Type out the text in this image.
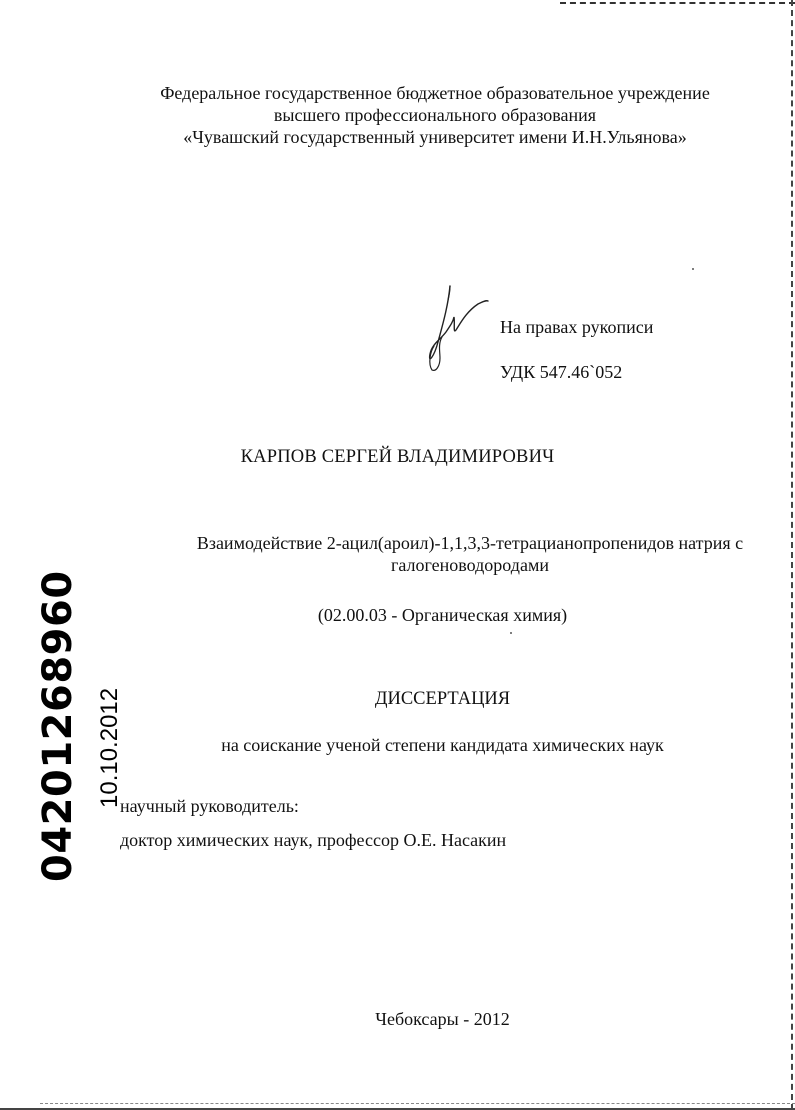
Федеральное государственное бюджетное образовательное учреждение
высшего профессионального образования
«Чувашский государственный университет имени И.Н.Ульянова»
На правах рукописи
УДК 547.46`052
КАРПОВ СЕРГЕЙ ВЛАДИМИРОВИЧ
Взаимодействие 2-ацил(ароил)-1,1,3,3-тетрацианопропенидов натрия с
галогеноводородами
(02.00.03 - Органическая химия)
ДИССЕРТАЦИЯ
на соискание ученой степени кандидата химических наук
научный руководитель:
доктор химических наук, профессор О.Е. Насакин
Чебоксары - 2012
04201268960 10.10.2012
